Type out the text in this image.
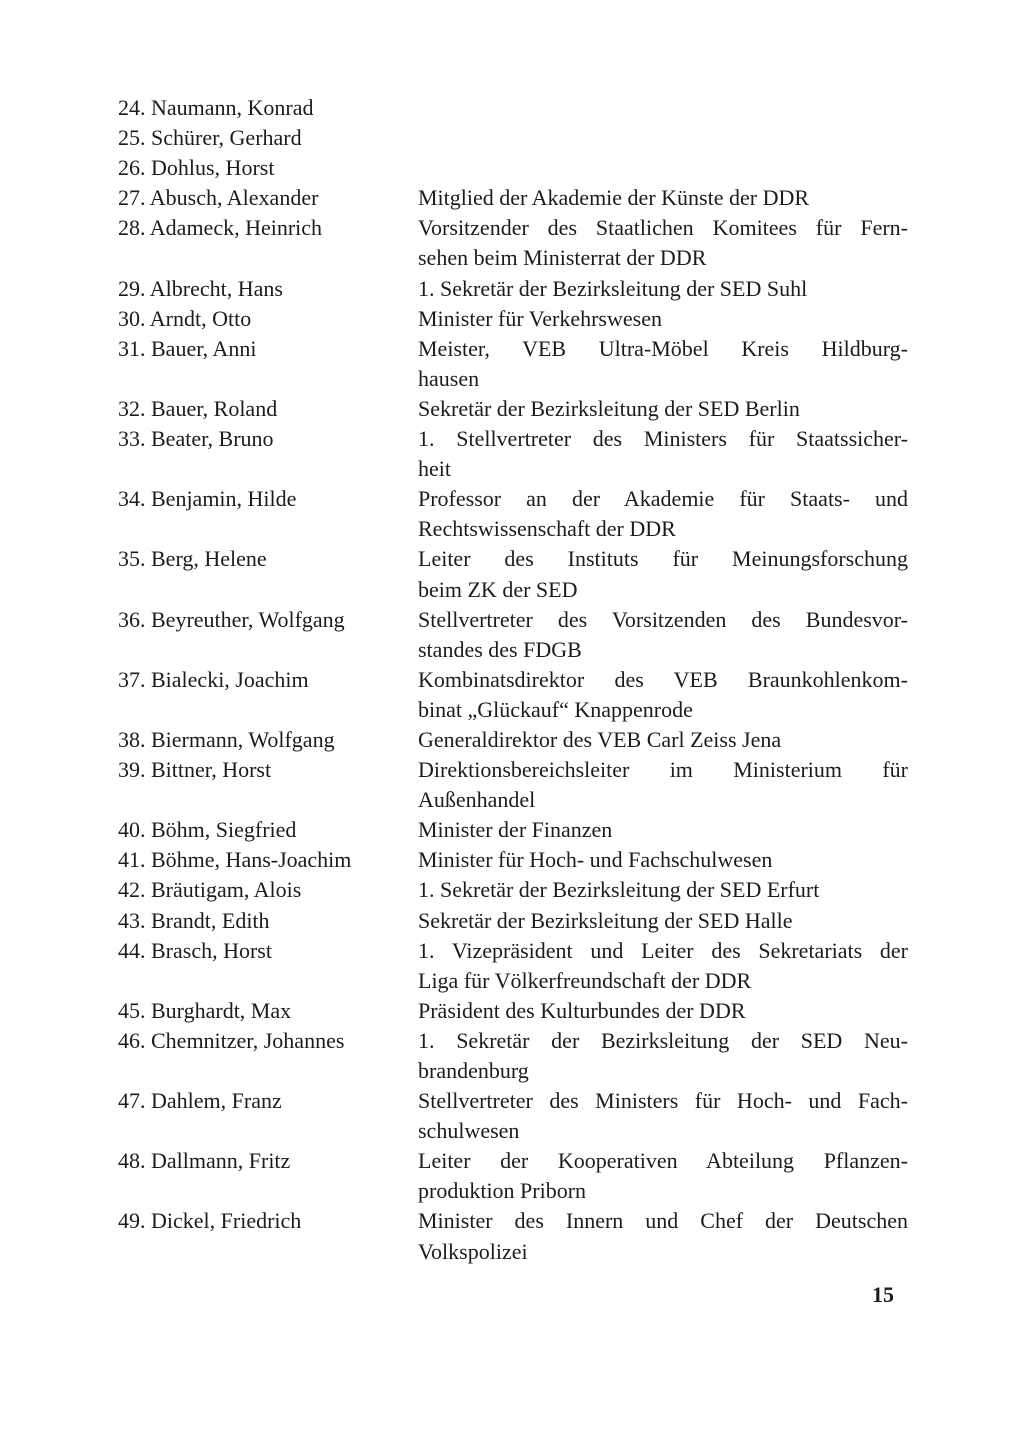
24. Naumann, Konrad
25. Schürer, Gerhard
26. Dohlus, Horst
27. Abusch, Alexander	Mitglied der Akademie der Künste der DDR
28. Adameck, Heinrich	Vorsitzender des Staatlichen Komitees für Fern-
sehen beim Ministerrat der DDR
29. Albrecht, Hans	1. Sekretär der Bezirksleitung der SED Suhl
30. Arndt, Otto	Minister für Verkehrswesen
31. Bauer, Anni	Meister, VEB Ultra-Möbel Kreis Hildburg-
hausen
32. Bauer, Roland	Sekretär der Bezirksleitung der SED Berlin
33. Beater, Bruno	1. Stellvertreter des Ministers für Staatssicher-
heit
34. Benjamin, Hilde	Professor an der Akademie für Staats- und
Rechtswissenschaft der DDR
35. Berg, Helene	Leiter des Instituts für Meinungsforschung
beim ZK der SED
36. Beyreuther, Wolfgang	Stellvertreter des Vorsitzenden des Bundesvor-
standes des FDGB
37. Bialecki, Joachim	Kombinatsdirektor des VEB Braunkohlenkom-
binat „Glückauf“ Knappenrode
38. Biermann, Wolfgang	Generaldirektor des VEB Carl Zeiss Jena
39. Bittner, Horst	Direktionsbereichsleiter im Ministerium für
Außenhandel
40. Böhm, Siegfried	Minister der Finanzen
41. Böhme, Hans-Joachim	Minister für Hoch- und Fachschulwesen
42. Bräutigam, Alois	1. Sekretär der Bezirksleitung der SED Erfurt
43. Brandt, Edith	Sekretär der Bezirksleitung der SED Halle
44. Brasch, Horst	1. Vizepräsident und Leiter des Sekretariats der
Liga für Völkerfreundschaft der DDR
45. Burghardt, Max	Präsident des Kulturbundes der DDR
46. Chemnitzer, Johannes	1. Sekretär der Bezirksleitung der SED Neu-
brandenburg
47. Dahlem, Franz	Stellvertreter des Ministers für Hoch- und Fach-
schulwesen
48. Dallmann, Fritz	Leiter der Kooperativen Abteilung Pflanzen-
produktion Priborn
49. Dickel, Friedrich	Minister des Innern und Chef der Deutschen
Volkspolizei
15
